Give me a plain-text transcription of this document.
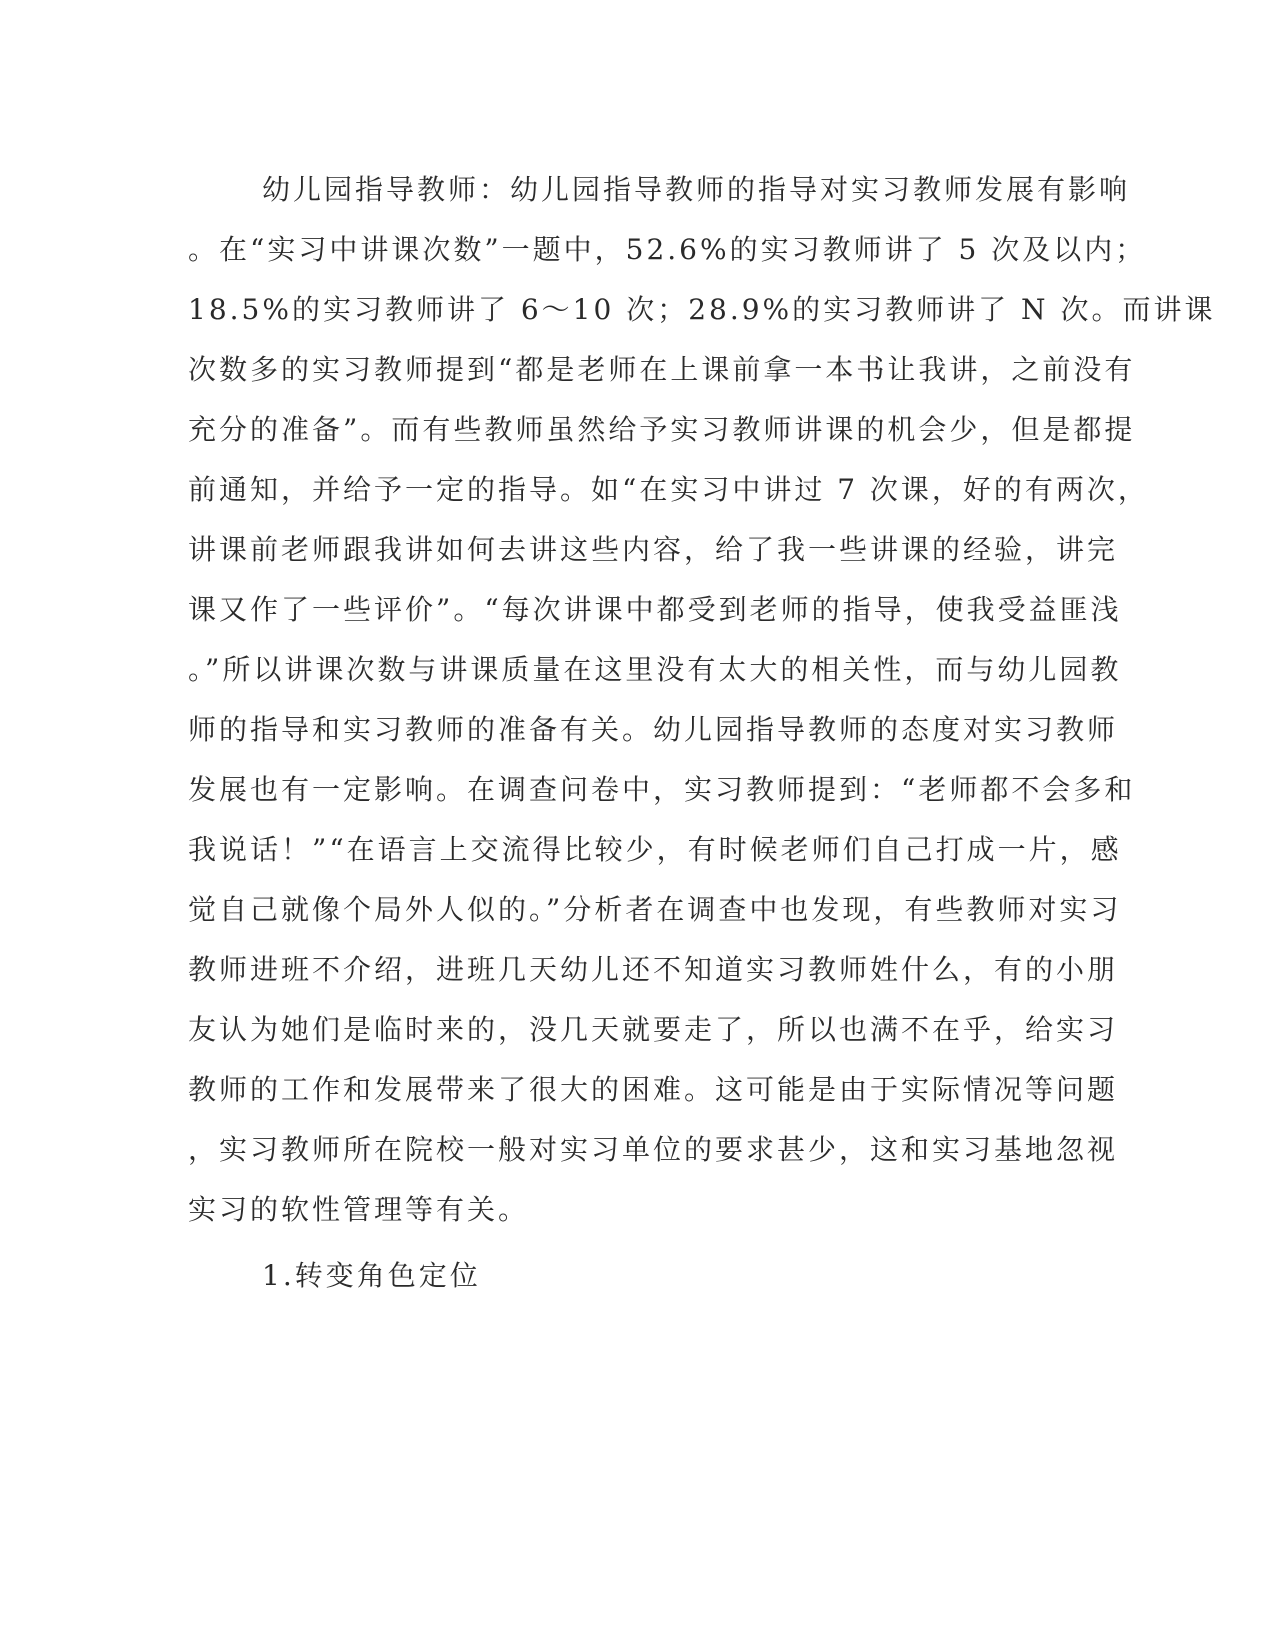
幼儿园指导教师：幼儿园指导教师的指导对实习教师发展有影响
。在“实习中讲课次数”一题中，52.6%的实习教师讲了 5 次及以内；
18.5%的实习教师讲了 6～10 次；28.9%的实习教师讲了 N 次。而讲课
次数多的实习教师提到“都是老师在上课前拿一本书让我讲，之前没有
充分的准备”。而有些教师虽然给予实习教师讲课的机会少，但是都提
前通知，并给予一定的指导。如“在实习中讲过 7 次课，好的有两次，
讲课前老师跟我讲如何去讲这些内容，给了我一些讲课的经验，讲完
课又作了一些评价”。“每次讲课中都受到老师的指导，使我受益匪浅
。”所以讲课次数与讲课质量在这里没有太大的相关性，而与幼儿园教
师的指导和实习教师的准备有关。幼儿园指导教师的态度对实习教师
发展也有一定影响。在调查问卷中，实习教师提到：“老师都不会多和
我说话！”“在语言上交流得比较少，有时候老师们自己打成一片，感
觉自己就像个局外人似的。”分析者在调查中也发现，有些教师对实习
教师进班不介绍，进班几天幼儿还不知道实习教师姓什么，有的小朋
友认为她们是临时来的，没几天就要走了，所以也满不在乎，给实习
教师的工作和发展带来了很大的困难。这可能是由于实际情况等问题
，实习教师所在院校一般对实习单位的要求甚少，这和实习基地忽视
实习的软性管理等有关。
1.转变角色定位
